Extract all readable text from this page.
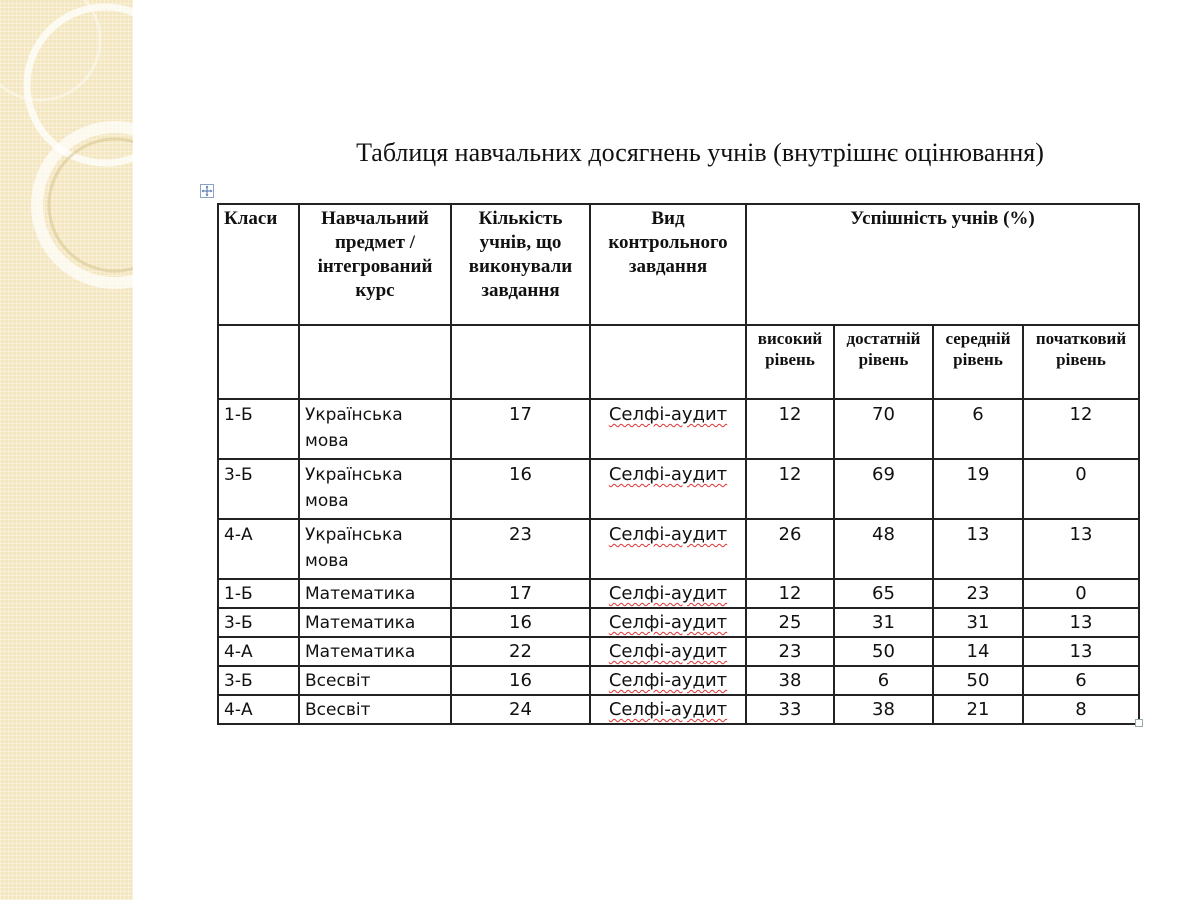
Таблиця навчальних досягнень учнів (внутрішнє оцінювання)
Класи	Навчальний предмет / інтегрований курс	Кількість учнів, що виконували завдання	Вид контрольного завдання	Успішність учнів (%)			
				високий рівень	достатній рівень	середній рівень	початковий рівень
1-Б	Українська мова	17	Селфі-аудит	12	70	6	12
3-Б	Українська мова	16	Селфі-аудит	12	69	19	0
4-А	Українська мова	23	Селфі-аудит	26	48	13	13
1-Б	Математика	17	Селфі-аудит	12	65	23	0
3-Б	Математика	16	Селфі-аудит	25	31	31	13
4-А	Математика	22	Селфі-аудит	23	50	14	13
3-Б	Всесвіт	16	Селфі-аудит	38	6	50	6
4-А	Всесвіт	24	Селфі-аудит	33	38	21	8
